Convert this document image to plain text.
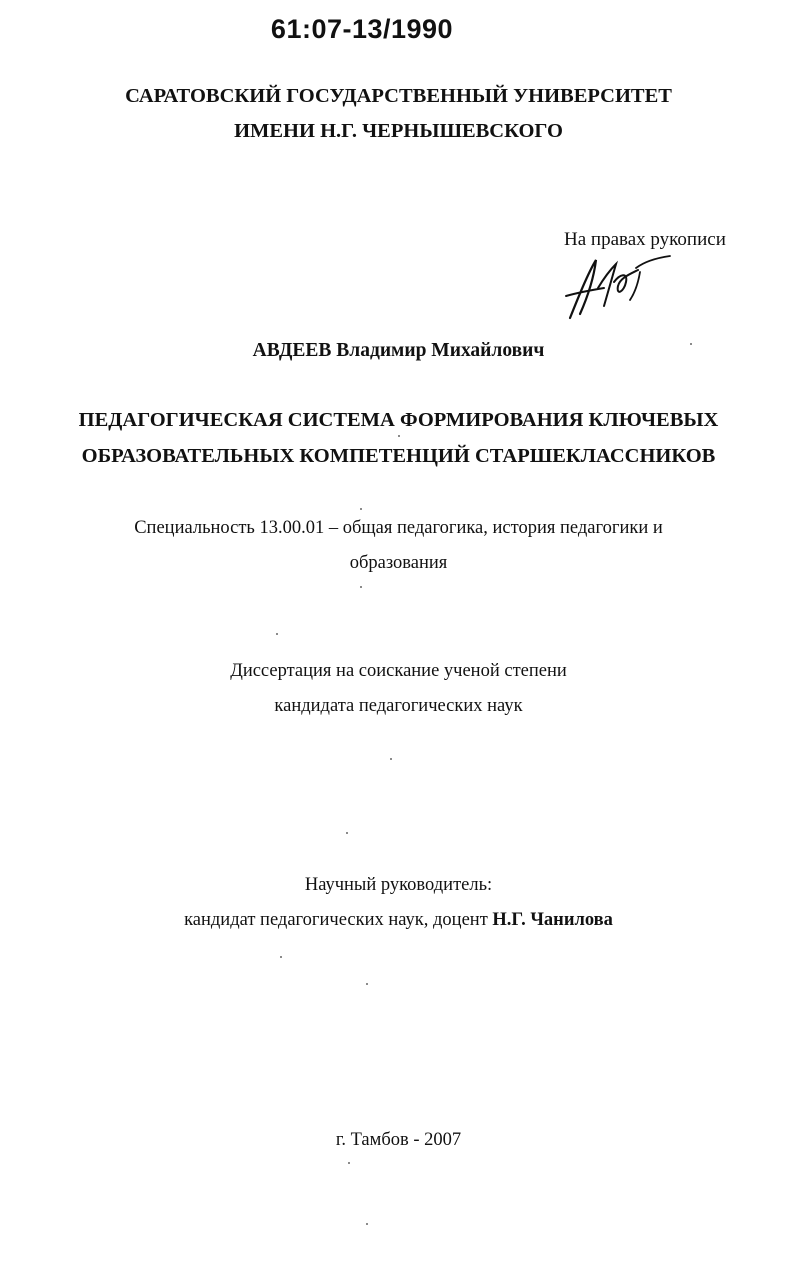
61:07-13/1990
САРАТОВСКИЙ ГОСУДАРСТВЕННЫЙ УНИВЕРСИТЕТ
ИМЕНИ Н.Г. ЧЕРНЫШЕВСКОГО
На правах рукописи
АВДЕЕВ Владимир Михайлович
ПЕДАГОГИЧЕСКАЯ СИСТЕМА ФОРМИРОВАНИЯ КЛЮЧЕВЫХ
ОБРАЗОВАТЕЛЬНЫХ КОМПЕТЕНЦИЙ СТАРШЕКЛАССНИКОВ
Специальность 13.00.01 – общая педагогика, история педагогики и
образования
Диссертация на соискание ученой степени
кандидата педагогических наук
Научный руководитель:
кандидат педагогических наук, доцент Н.Г. Чанилова
г. Тамбов - 2007
